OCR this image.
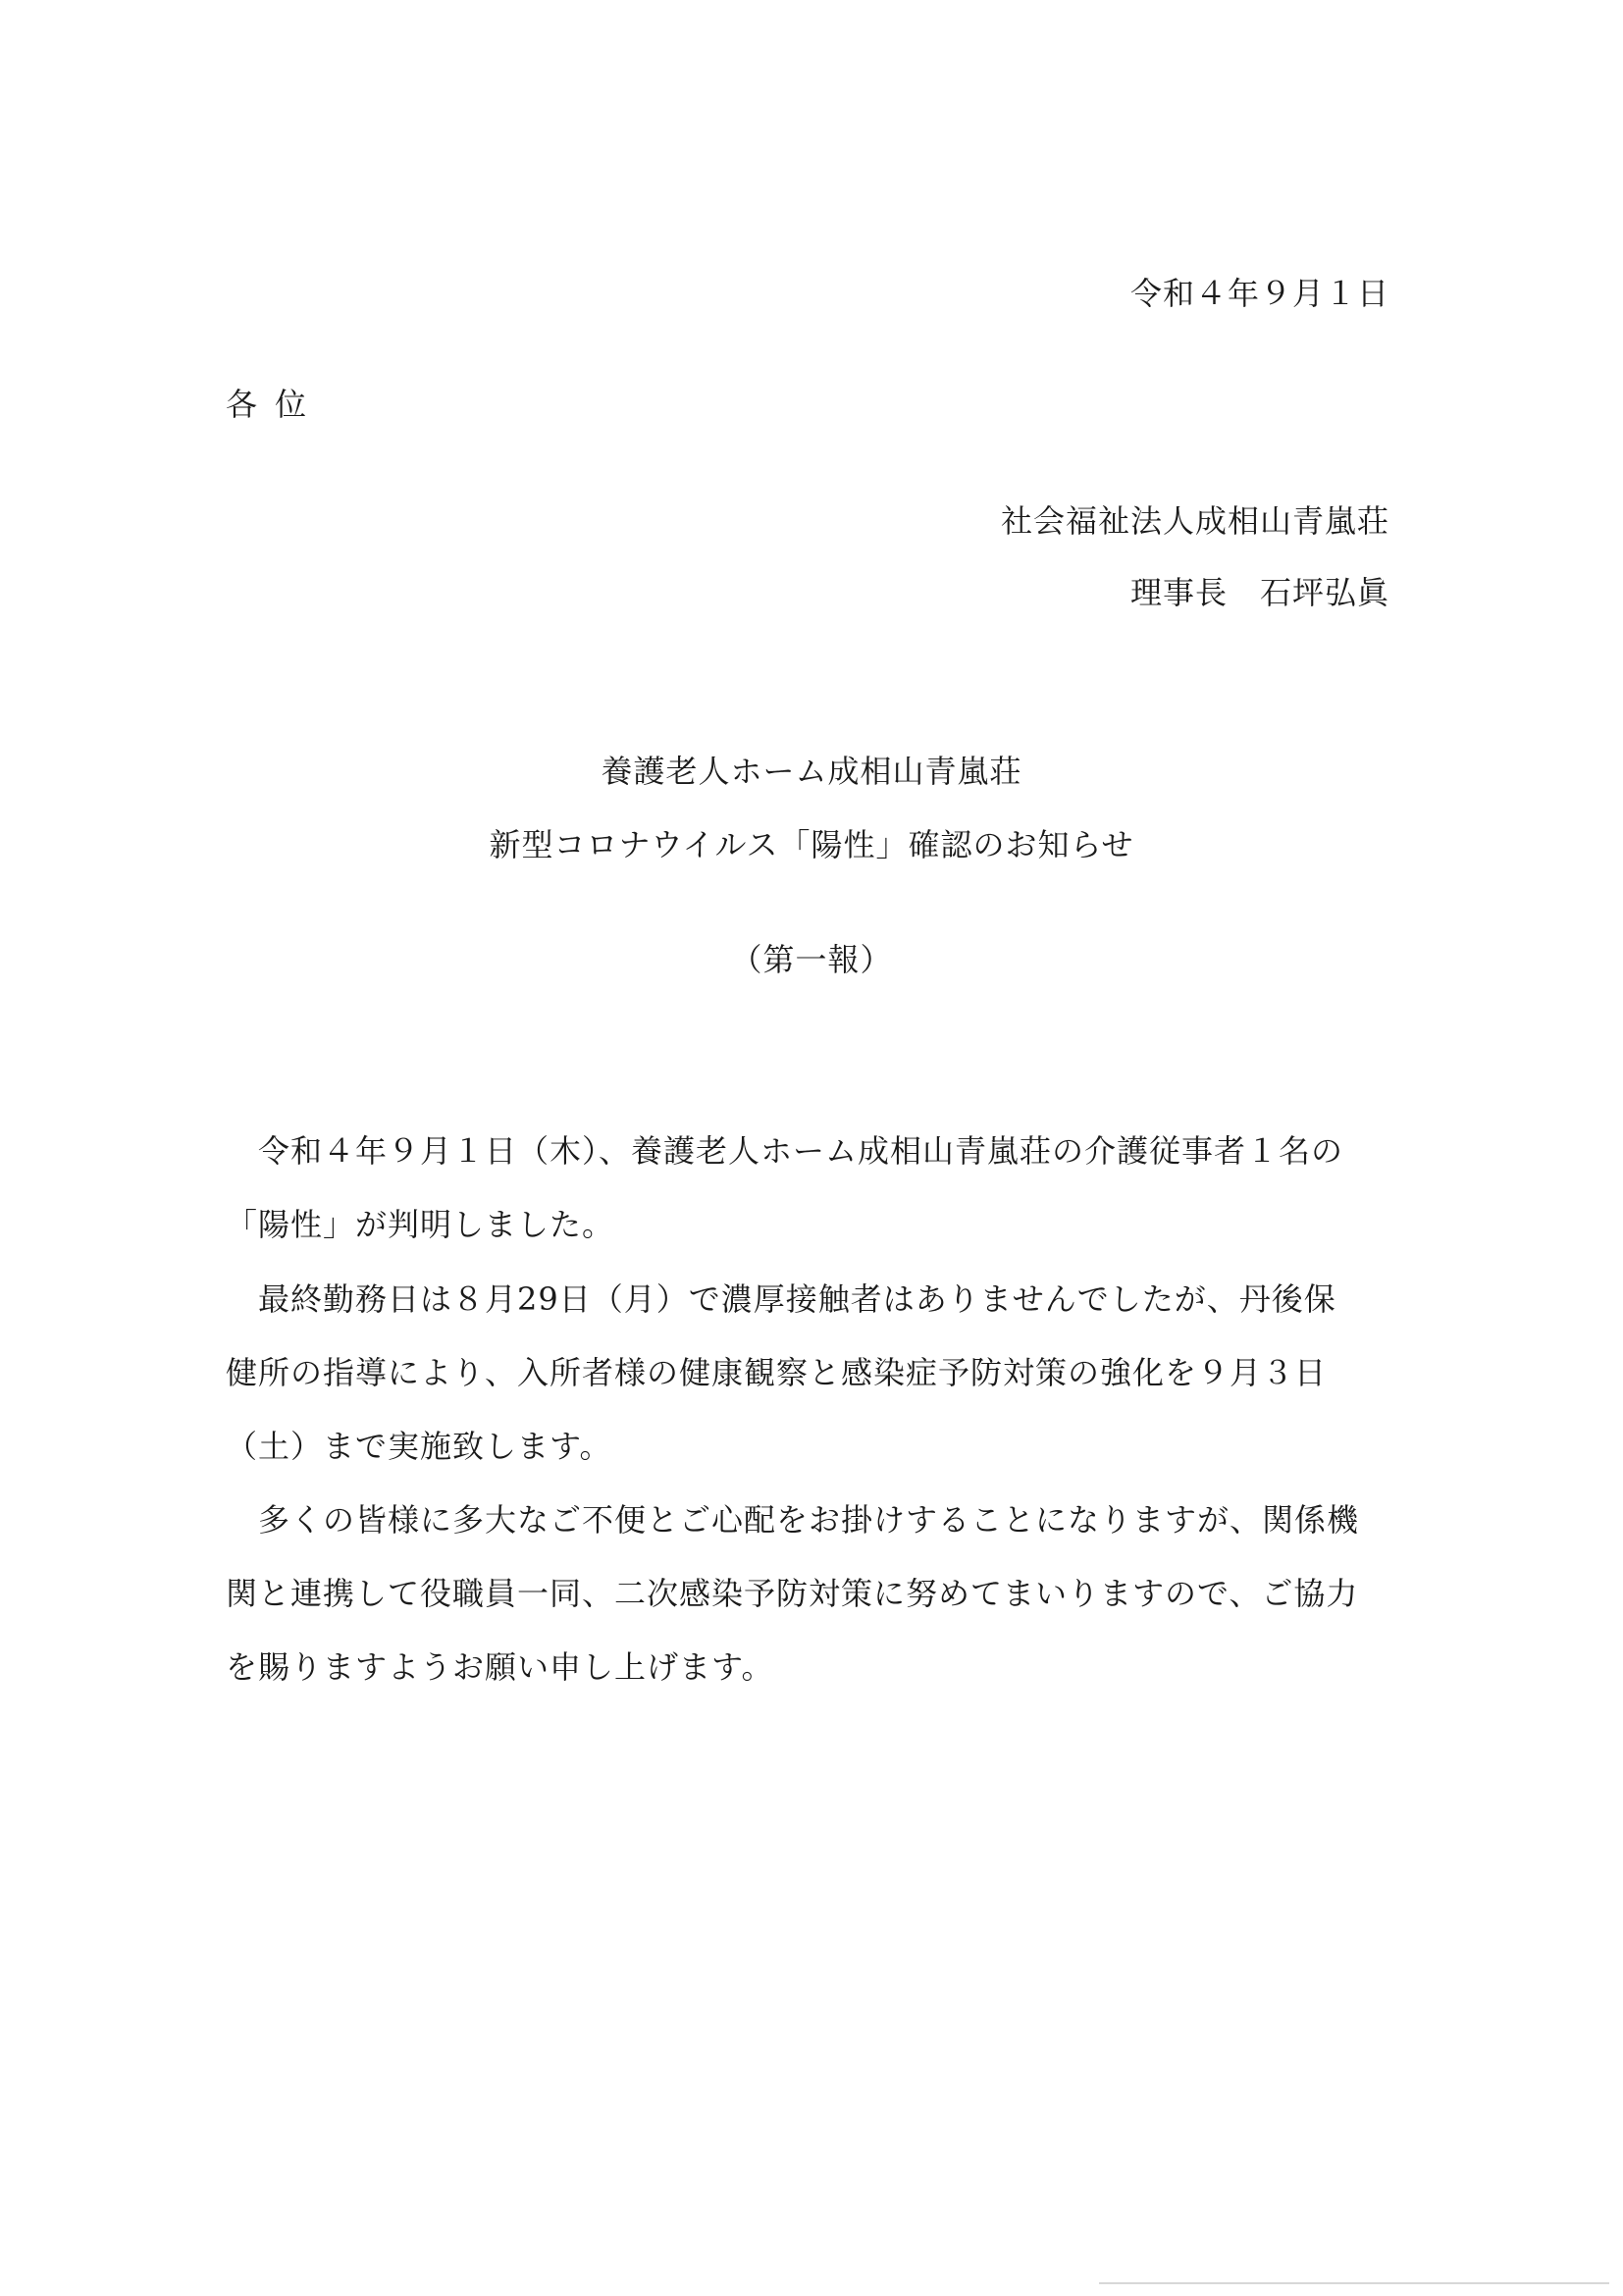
令和４年９月１日
各位
社会福祉法人成相山青嵐荘
理事長　石坪弘眞
養護老人ホーム成相山青嵐荘
新型コロナウイルス「陽性」確認のお知らせ
（第一報）
　令和４年９月１日（木）、養護老人ホーム成相山青嵐荘の介護従事者１名の
「陽性」が判明しました。
　最終勤務日は８月29日（月）で濃厚接触者はありませんでしたが、丹後保
健所の指導により、入所者様の健康観察と感染症予防対策の強化を９月３日
（土）まで実施致します。
　多くの皆様に多大なご不便とご心配をお掛けすることになりますが、関係機
関と連携して役職員一同、二次感染予防対策に努めてまいりますので、ご協力
を賜りますようお願い申し上げます。
